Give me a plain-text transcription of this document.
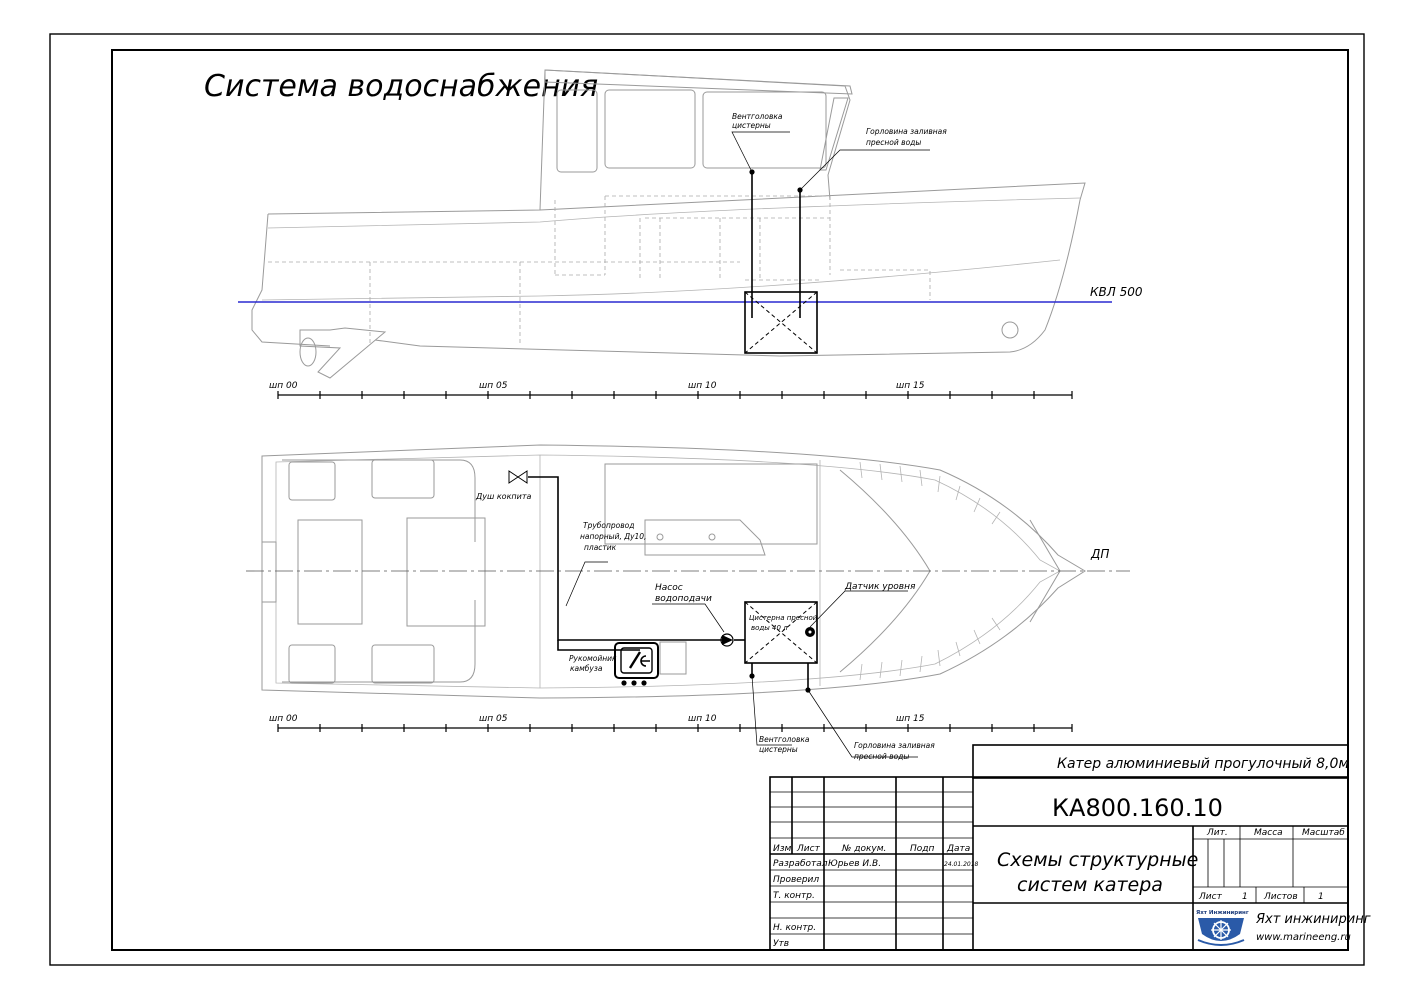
Система водоснабжения
КВЛ 500
Вентголовка
цистерны
Горловина заливная
пресной воды
шп 00	шп 05	шп 10	шп 15
ДП
Душ кокпита
Трубопровод
напорный, Ду10,
пластик
Насос
водоподачи
Цистерна пресной
воды 40 л
Датчик уровня
Вентголовка
цистерны	Горловина заливная
пресной воды
Рукомойник
камбуза
шп 00	шп 05	шп 10	шп 15
Катер алюминиевый прогулочный 8,0м
Изм Лист № докум.	Подп Дата
Разработал Юрьев И.В.	24.01.2018
Проверил
Т. контр.
Н. контр.
Утв
КА800.160.10
Схемы структурные
систем катера
Лит.	Масса Масштаб
Лист 1 Листов 1
Яхт Инжиниринг Яхт инжиниринг
www.marineeng.ru
